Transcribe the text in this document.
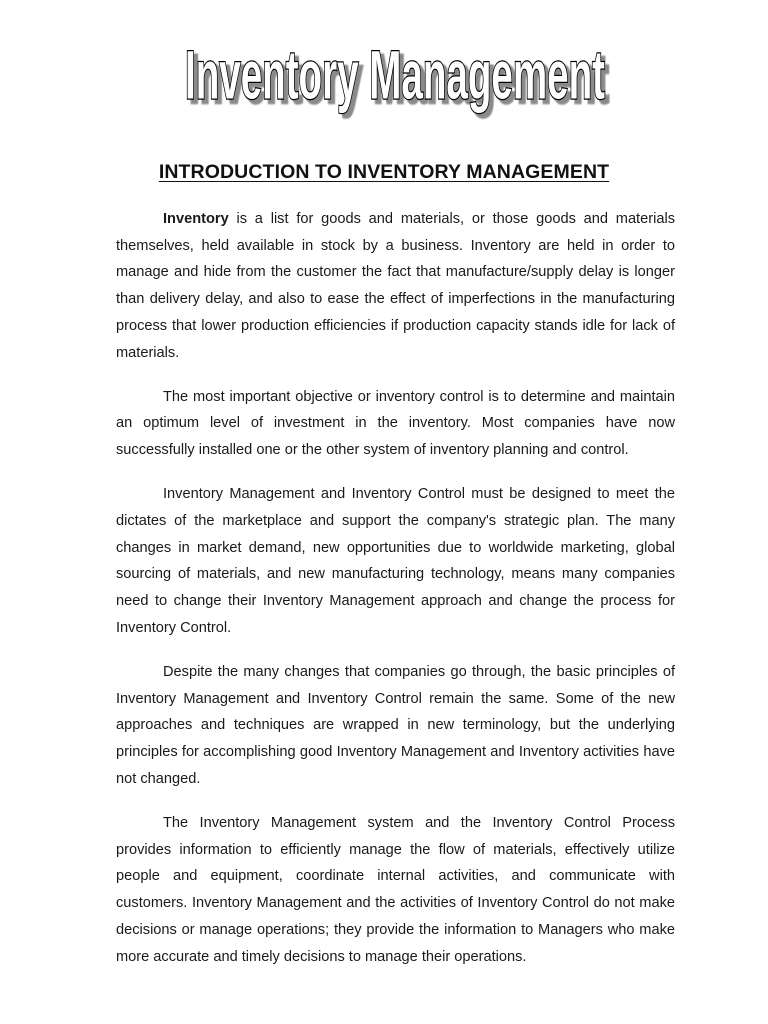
Inventory Management
Inventory Management
INTRODUCTION TO INVENTORY MANAGEMENT

Inventory is a list for goods and materials, or those goods and materials themselves, held available in stock by a business. Inventory are held in order to manage and hide from the customer the fact that manufacture/supply delay is longer than delivery delay, and also to ease the effect of imperfections in the manufacturing process that lower production efficiencies if production capacity stands idle for lack of materials.

The most important objective or inventory control is to determine and maintain an optimum level of investment in the inventory. Most companies have now successfully installed one or the other system of inventory planning and control.

Inventory Management and Inventory Control must be designed to meet the dictates of the marketplace and support the company's strategic plan. The many changes in market demand, new opportunities due to worldwide marketing, global sourcing of materials, and new manufacturing technology, means many companies need to change their Inventory Management approach and change the process for Inventory Control.

Despite the many changes that companies go through, the basic principles of Inventory Management and Inventory Control remain the same. Some of the new approaches and techniques are wrapped in new terminology, but the underlying principles for accomplishing good Inventory Management and Inventory activities have not changed.

The Inventory Management system and the Inventory Control Process provides information to efficiently manage the flow of materials, effectively utilize people and equipment, coordinate internal activities, and communicate with customers. Inventory Management and the activities of Inventory Control do not make decisions or manage operations; they provide the information to Managers who make more accurate and timely decisions to manage their operations.
